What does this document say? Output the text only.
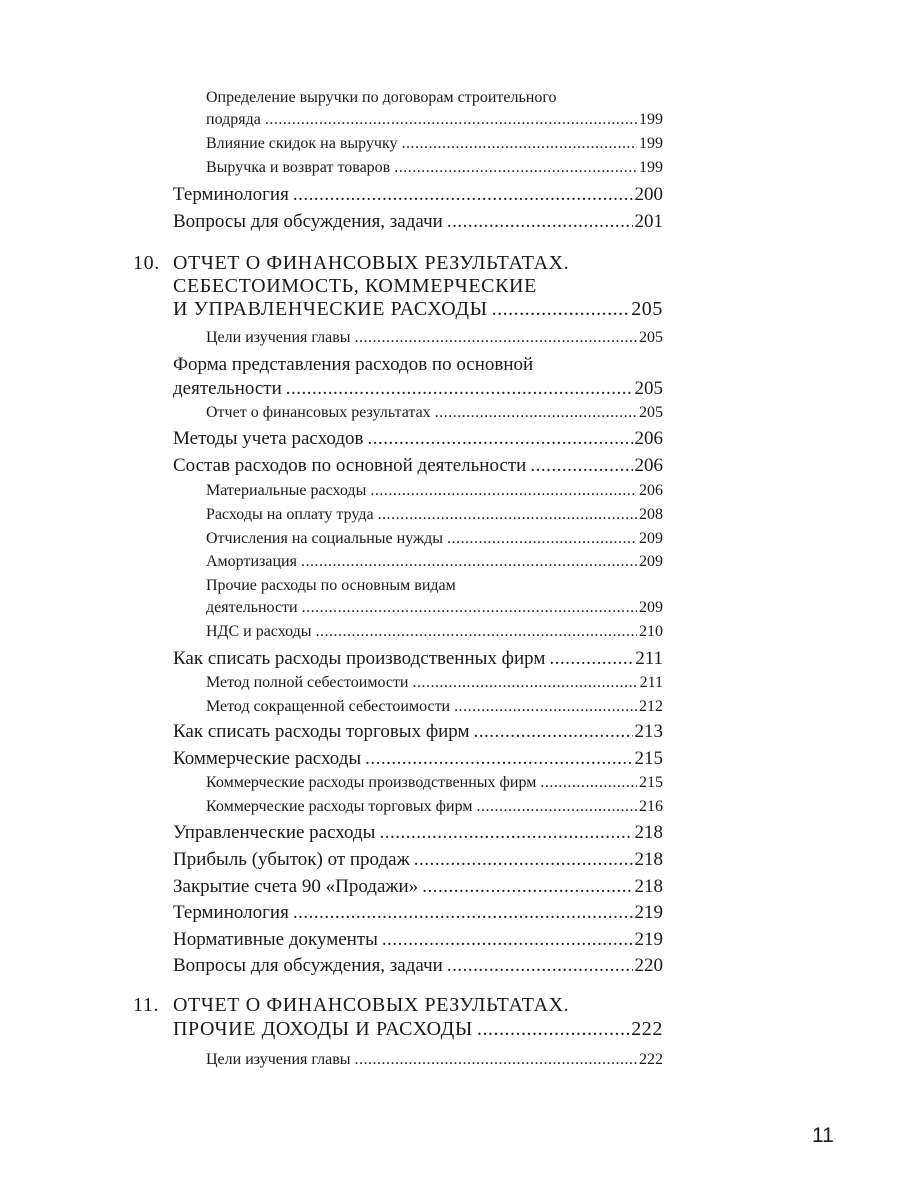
Определение выручки по договорам строительного
подряда .....	199
Влияние скидок на выручку .....	199
Выручка и возврат товаров .....	199
Терминология .....	200
Вопросы для обсуждения, задачи .....	201
10. ОТЧЕТ О ФИНАНСОВЫХ РЕЗУЛЬТАТАХ.
СЕБЕСТОИМОСТЬ, КОММЕРЧЕСКИЕ
И УПРАВЛЕНЧЕСКИЕ РАСХОДЫ .....	205
Цели изучения главы .....	205
Форма представления расходов по основной
деятельности .....	205
Отчет о финансовых результатах .....	205
Методы учета расходов .....	206
Состав расходов по основной деятельности .....	206
Материальные расходы .....	206
Расходы на оплату труда .....	208
Отчисления на социальные нужды .....	209
Амортизация .....	209
Прочие расходы по основным видам
деятельности .....	209
НДС и расходы .....	210
Как списать расходы производственных фирм .....	211
Метод полной себестоимости .....	211
Метод сокращенной себестоимости .....	212
Как списать расходы торговых фирм .....	213
Коммерческие расходы .....	215
Коммерческие расходы производственных фирм .....	215
Коммерческие расходы торговых фирм .....	216
Управленческие расходы .....	218
Прибыль (убыток) от продаж .....	218
Закрытие счета 90 «Продажи» .....	218
Терминология .....	219
Нормативные документы .....	219
Вопросы для обсуждения, задачи .....	220
11. ОТЧЕТ О ФИНАНСОВЫХ РЕЗУЛЬТАТАХ.
ПРОЧИЕ ДОХОДЫ И РАСХОДЫ .....	222
Цели изучения главы .....	222
11
